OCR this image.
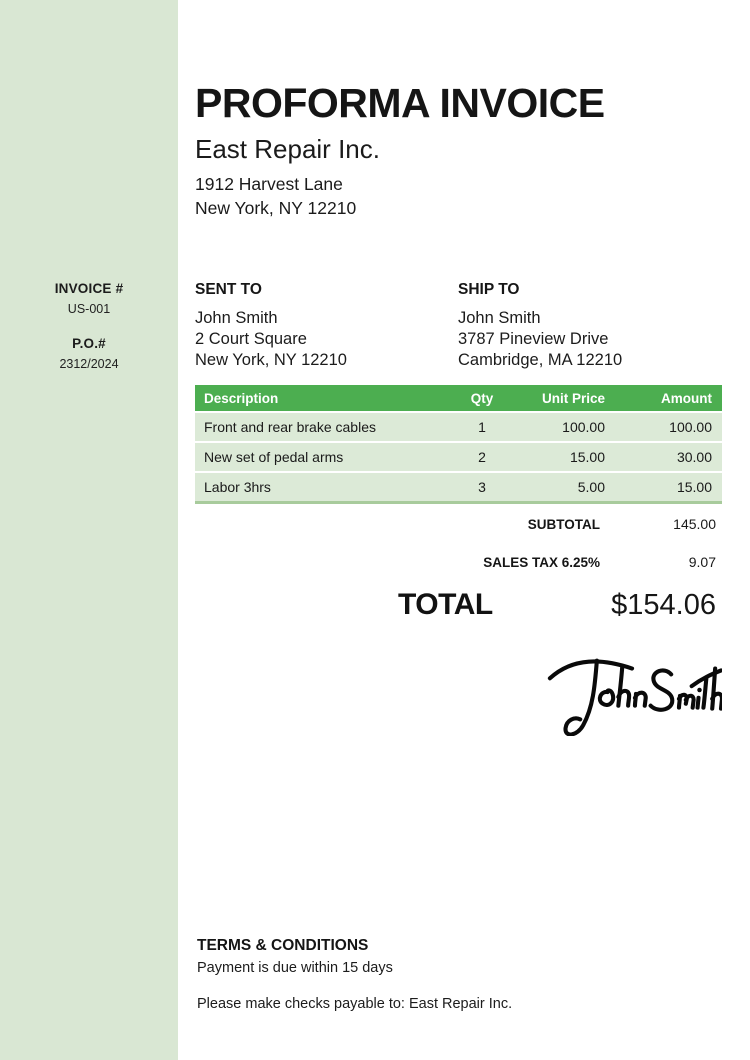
INVOICE #
US-001
P.O.#
2312/2024
PROFORMA INVOICE
East Repair Inc.
1912 Harvest Lane
New York, NY 12210
SENT TO
John Smith
2 Court Square
New York, NY 12210
SHIP TO
John Smith
3787 Pineview Drive
Cambridge, MA 12210
Description	Qty	Unit Price	Amount
Front and rear brake cables	1	100.00	100.00
New set of pedal arms	2	15.00	30.00
Labor 3hrs	3	5.00	15.00
SUBTOTAL	145.00
SALES TAX 6.25%	9.07
TOTAL	$154.06
TERMS & CONDITIONS
Payment is due within 15 days
Please make checks payable to: East Repair Inc.
